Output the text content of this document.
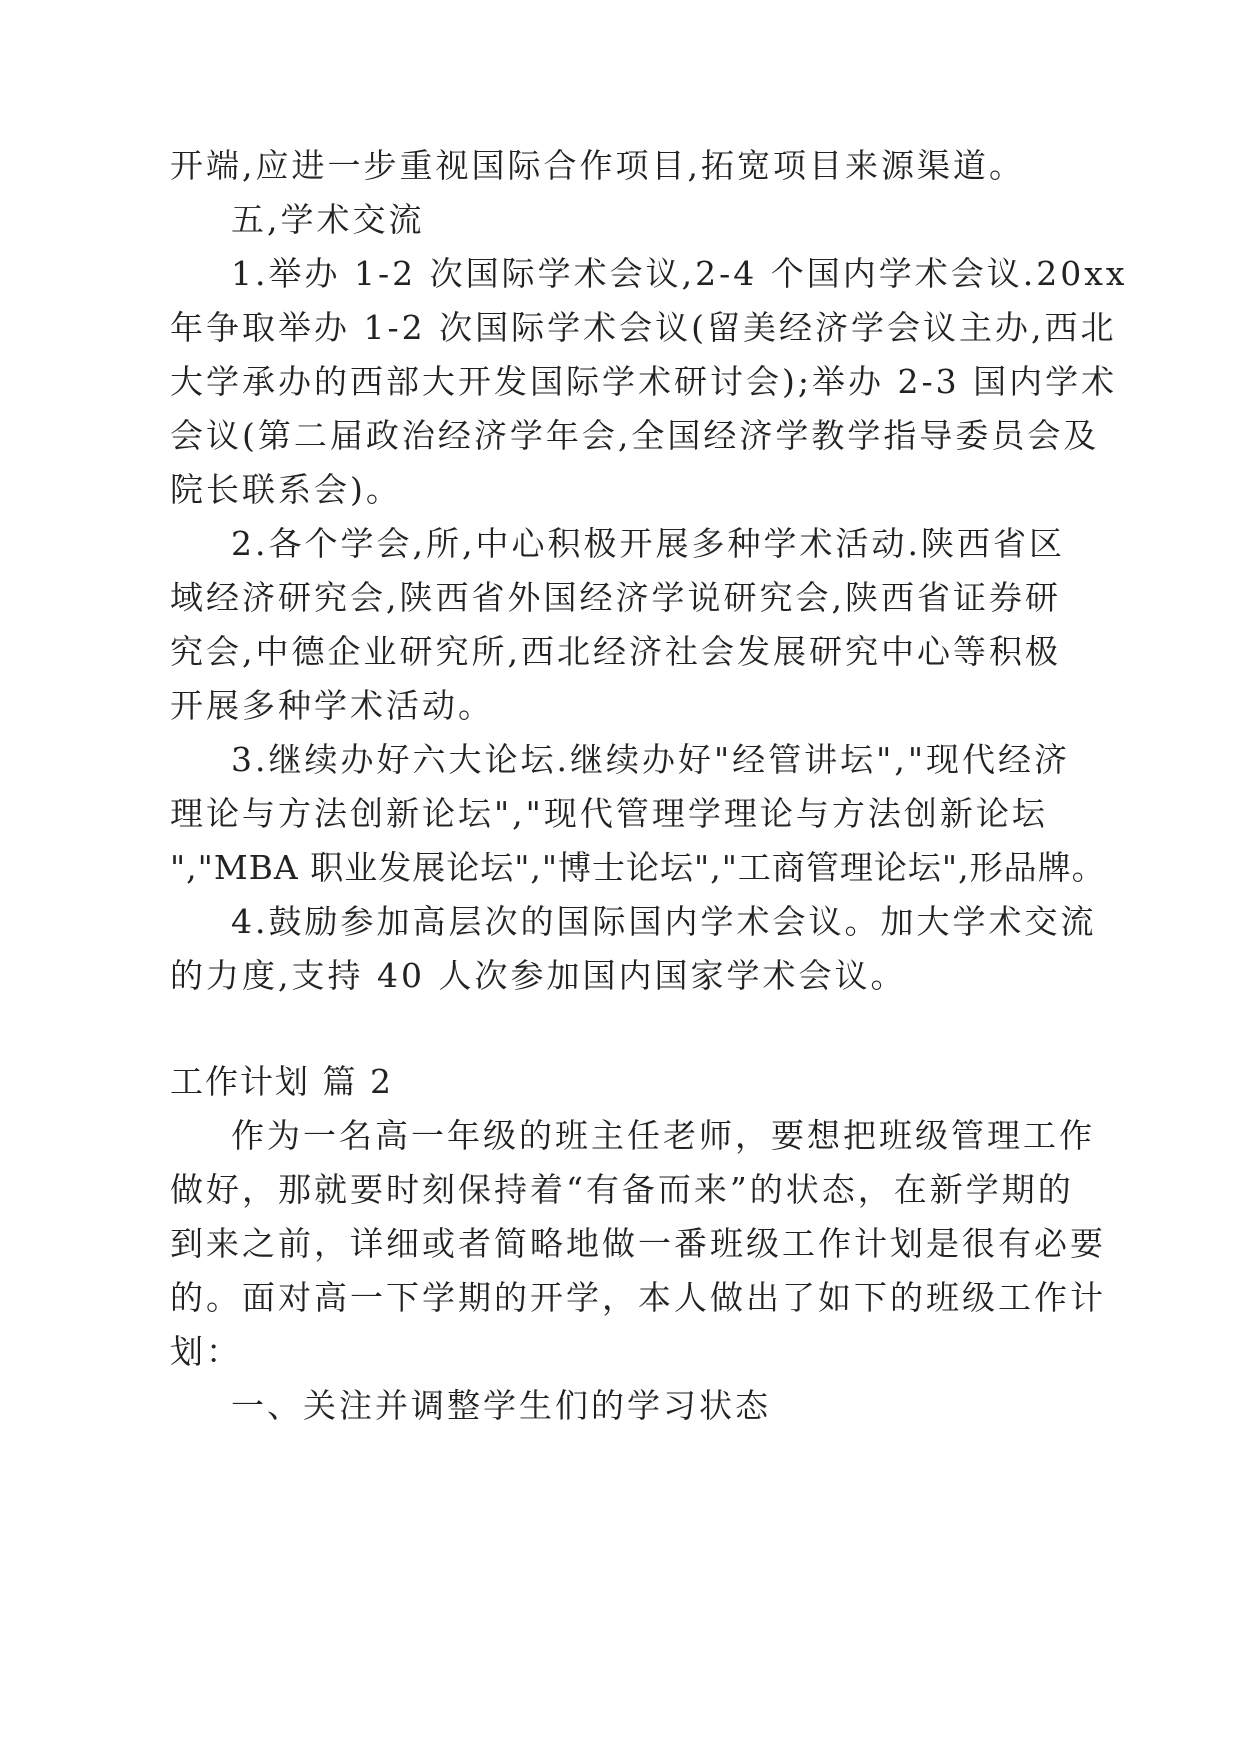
开端,应进一步重视国际合作项目,拓宽项目来源渠道。
五,学术交流
1.举办 1-2 次国际学术会议,2-4 个国内学术会议.20xx
年争取举办 1-2 次国际学术会议(留美经济学会议主办,西北
大学承办的西部大开发国际学术研讨会);举办 2-3 国内学术
会议(第二届政治经济学年会,全国经济学教学指导委员会及
院长联系会)。
2.各个学会,所,中心积极开展多种学术活动.陕西省区
域经济研究会,陕西省外国经济学说研究会,陕西省证券研
究会,中德企业研究所,西北经济社会发展研究中心等积极
开展多种学术活动。
3.继续办好六大论坛.继续办好"经管讲坛","现代经济
理论与方法创新论坛","现代管理学理论与方法创新论坛
","MBA 职业发展论坛","博士论坛","工商管理论坛",形品牌。
4.鼓励参加高层次的国际国内学术会议。加大学术交流
的力度,支持 40 人次参加国内国家学术会议。
工作计划 篇 2
作为一名高一年级的班主任老师，要想把班级管理工作
做好，那就要时刻保持着“有备而来”的状态，在新学期的
到来之前，详细或者简略地做一番班级工作计划是很有必要
的。面对高一下学期的开学，本人做出了如下的班级工作计
划：
一、关注并调整学生们的学习状态
